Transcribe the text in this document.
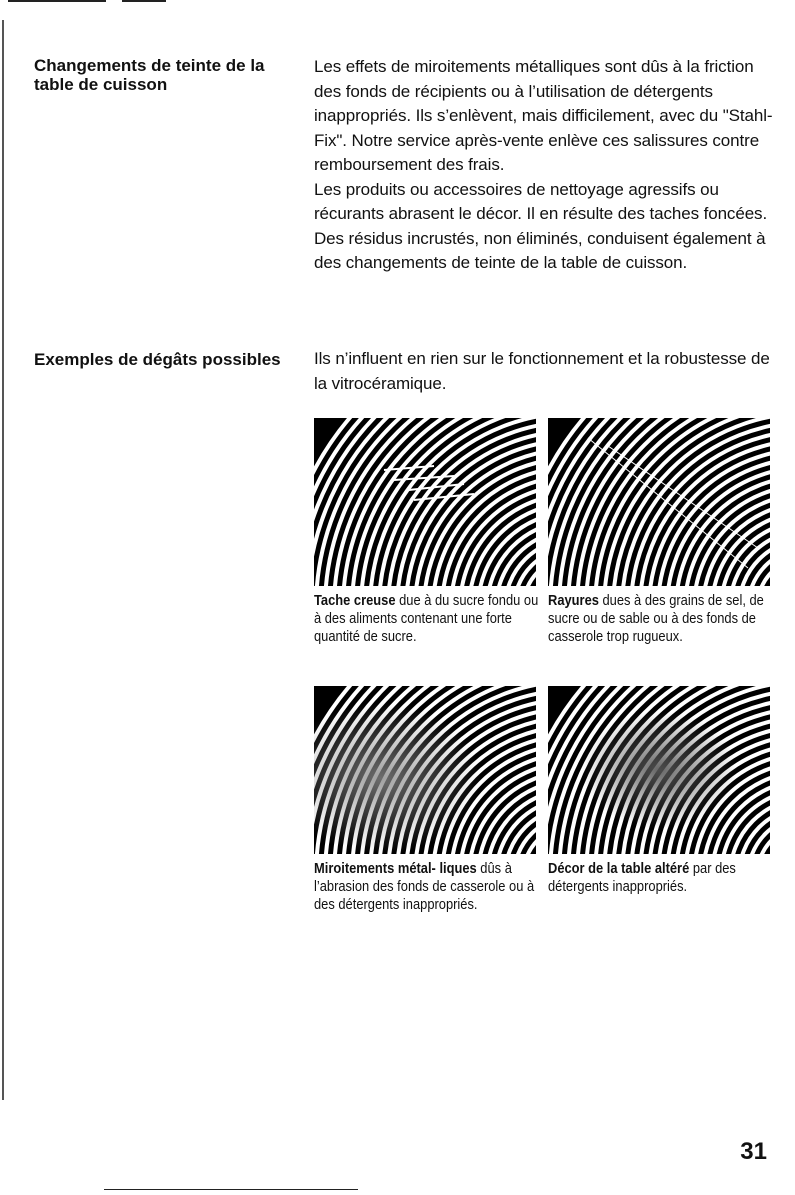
Changements de teinte de la table de cuisson

Les effets de miroitements métalliques sont dûs à la friction des fonds de récipients ou à l’utilisation de détergents inappropriés. Ils s’enlèvent, mais difficilement, avec du "Stahl- Fix". Notre service après-vente enlève ces salissures contre remboursement des frais.

Les produits ou accessoires de nettoyage agressifs ou récurants abrasent le décor. Il en résulte des taches foncées. Des résidus incrustés, non éliminés, conduisent également à des changements de teinte de la table de cuisson.

Exemples de dégâts possibles Ils n’influent en rien sur le fonctionnement et la robustesse de la vitrocéramique.

Tache creuse due à du sucre fondu ou à des aliments contenant une forte quantité de sucre.
Rayures dues à des grains de sel, de sucre ou de sable ou à des fonds de casserole trop rugueux.
Miroitements métal- liques dûs à l’abrasion des fonds de casserole ou à des détergents inappropriés.
Décor de la table altéré par des détergents inappropriés.
31
